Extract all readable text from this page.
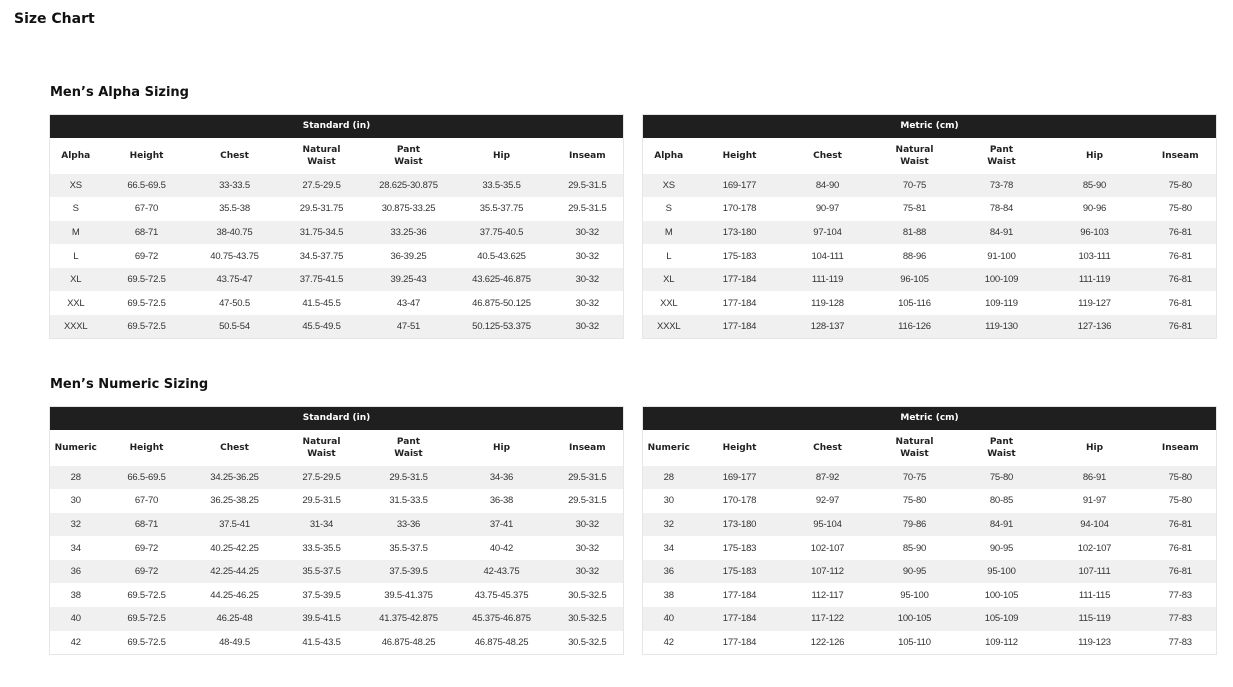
Size Chart
Men’s Alpha Sizing
Standard (in)						
Alpha	Height	Chest	Natural Waist	Pant Waist	Hip	Inseam
XS	66.5-69.5	33-33.5	27.5-29.5	28.625-30.875	33.5-35.5	29.5-31.5
S	67-70	35.5-38	29.5-31.75	30.875-33.25	35.5-37.75	29.5-31.5
M	68-71	38-40.75	31.75-34.5	33.25-36	37.75-40.5	30-32
L	69-72	40.75-43.75	34.5-37.75	36-39.25	40.5-43.625	30-32
XL	69.5-72.5	43.75-47	37.75-41.5	39.25-43	43.625-46.875	30-32
XXL	69.5-72.5	47-50.5	41.5-45.5	43-47	46.875-50.125	30-32
XXXL	69.5-72.5	50.5-54	45.5-49.5	47-51	50.125-53.375	30-32
Metric (cm)						
Alpha	Height	Chest	Natural Waist	Pant Waist	Hip	Inseam
XS	169-177	84-90	70-75	73-78	85-90	75-80
S	170-178	90-97	75-81	78-84	90-96	75-80
M	173-180	97-104	81-88	84-91	96-103	76-81
L	175-183	104-111	88-96	91-100	103-111	76-81
XL	177-184	111-119	96-105	100-109	111-119	76-81
XXL	177-184	119-128	105-116	109-119	119-127	76-81
XXXL	177-184	128-137	116-126	119-130	127-136	76-81
Men’s Numeric Sizing
Standard (in)						
Numeric	Height	Chest	Natural Waist	Pant Waist	Hip	Inseam
28	66.5-69.5	34.25-36.25	27.5-29.5	29.5-31.5	34-36	29.5-31.5
30	67-70	36.25-38.25	29.5-31.5	31.5-33.5	36-38	29.5-31.5
32	68-71	37.5-41	31-34	33-36	37-41	30-32
34	69-72	40.25-42.25	33.5-35.5	35.5-37.5	40-42	30-32
36	69-72	42.25-44.25	35.5-37.5	37.5-39.5	42-43.75	30-32
38	69.5-72.5	44.25-46.25	37.5-39.5	39.5-41.375	43.75-45.375	30.5-32.5
40	69.5-72.5	46.25-48	39.5-41.5	41.375-42.875	45.375-46.875	30.5-32.5
42	69.5-72.5	48-49.5	41.5-43.5	46.875-48.25	46.875-48.25	30.5-32.5
Metric (cm)						
Numeric	Height	Chest	Natural Waist	Pant Waist	Hip	Inseam
28	169-177	87-92	70-75	75-80	86-91	75-80
30	170-178	92-97	75-80	80-85	91-97	75-80
32	173-180	95-104	79-86	84-91	94-104	76-81
34	175-183	102-107	85-90	90-95	102-107	76-81
36	175-183	107-112	90-95	95-100	107-111	76-81
38	177-184	112-117	95-100	100-105	111-115	77-83
40	177-184	117-122	100-105	105-109	115-119	77-83
42	177-184	122-126	105-110	109-112	119-123	77-83
